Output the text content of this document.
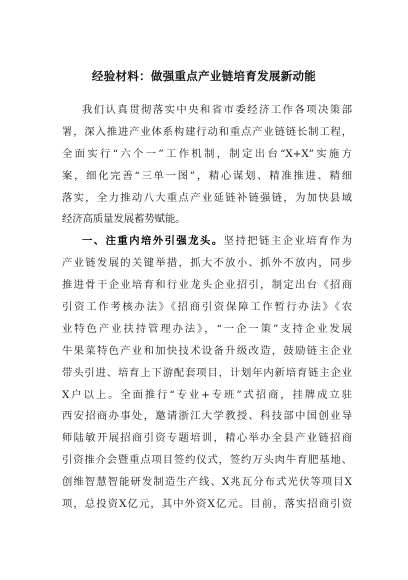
经验材料：做强重点产业链培育发展新动能
我们认真贯彻落实中央和省市委经济工作各项决策部
署，深入推进产业体系构建行动和重点产业链链长制工程，
全面实行“六个一”工作机制，制定出台“X+X”实施方
案，细化完善“三单一图”，精心谋划、精准推进、精细
落实，全力推动八大重点产业延链补链强链，为加快县域
经济高质量发展蓄势赋能。
一、注重内培外引强龙头。坚持把链主企业培育作为
产业链发展的关键举措，抓大不放小、抓外不放内，同步
推进骨干企业培育和行业龙头企业招引，制定出台《招商
引资工作考核办法》《招商引资保障工作暂行办法》《农
业特色产业扶持管理办法》，“一企一策”支持企业发展
牛果菜特色产业和加快技术设备升级改造，鼓励链主企业
带头引进、培育上下游配套项目，计划年内新培育链主企业
X户以上。全面推行“专业+专班”式招商，挂牌成立驻
西安招商办事处，邀请浙江大学教授、科技部中国创业导
师陆敏开展招商引资专题培训，精心举办全县产业链招商
引资推介会暨重点项目签约仪式，签约万头肉牛育肥基地、
创维智慧智能研发制造生产线、X兆瓦分布式光伏等项目X
项，总投资X亿元，其中外资X亿元。目前，落实招商引资
